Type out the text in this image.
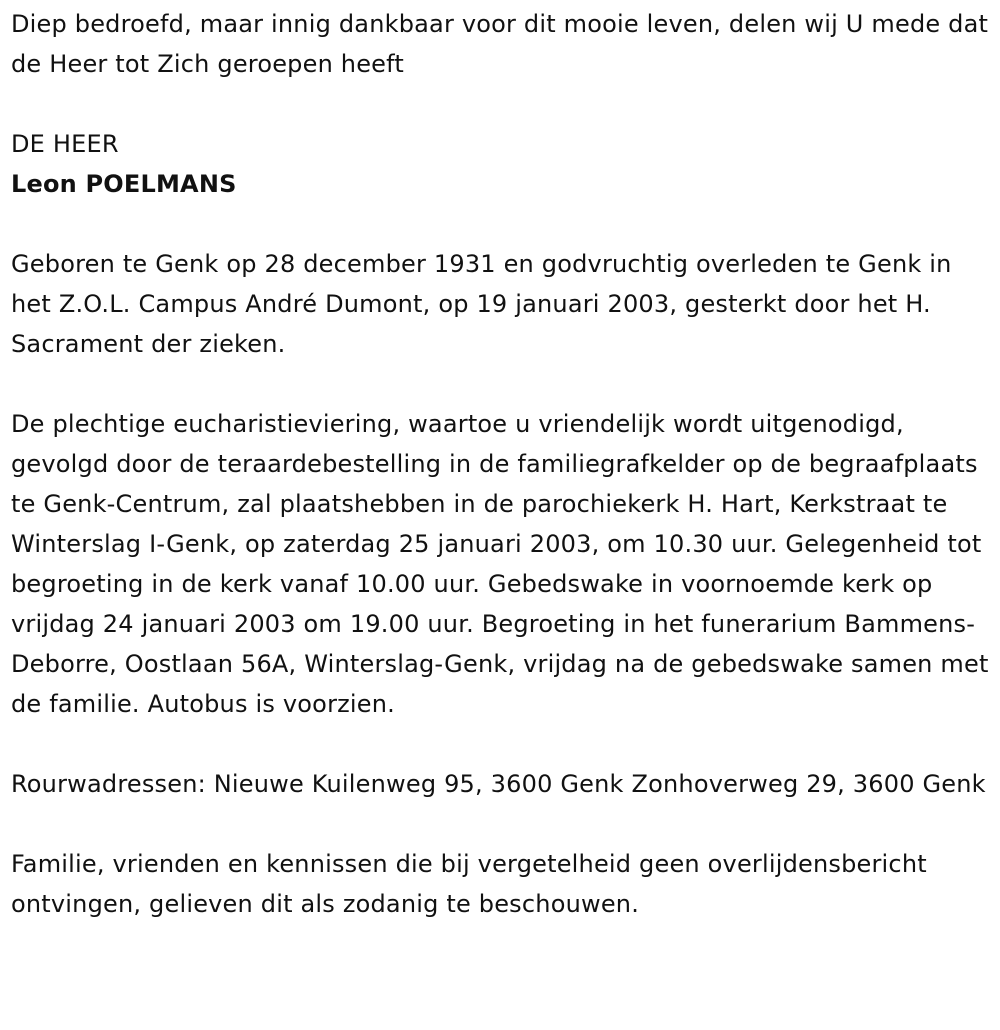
Diep bedroefd, maar innig dankbaar voor dit mooie leven, delen wij U mede dat de Heer tot Zich geroepen heeft

DE HEER

Leon POELMANS

Geboren te Genk op 28 december 1931 en godvruchtig overleden te Genk in het Z.O.L. Campus André Dumont, op 19 januari 2003, gesterkt door het H. Sacrament der zieken.

De plechtige eucharistieviering, waartoe u vriendelijk wordt uitgenodigd, gevolgd door de teraardebestelling in de familiegrafkelder op de begraafplaats te Genk-Centrum, zal plaatshebben in de parochiekerk H. Hart, Kerkstraat te Winterslag I-Genk, op zaterdag 25 januari 2003, om 10.30 uur. Gelegenheid tot begroeting in de kerk vanaf 10.00 uur. Gebedswake in voornoemde kerk op vrijdag 24 januari 2003 om 19.00 uur. Begroeting in het funerarium Bammens-Deborre, Oostlaan 56A, Winterslag-Genk, vrijdag na de gebedswake samen met de familie. Autobus is voorzien.

Rourwadressen: Nieuwe Kuilenweg 95, 3600 Genk Zonhoverweg 29, 3600 Genk

Familie, vrienden en kennissen die bij vergetelheid geen overlijdensbericht ontvingen, gelieven dit als zodanig te beschouwen.
